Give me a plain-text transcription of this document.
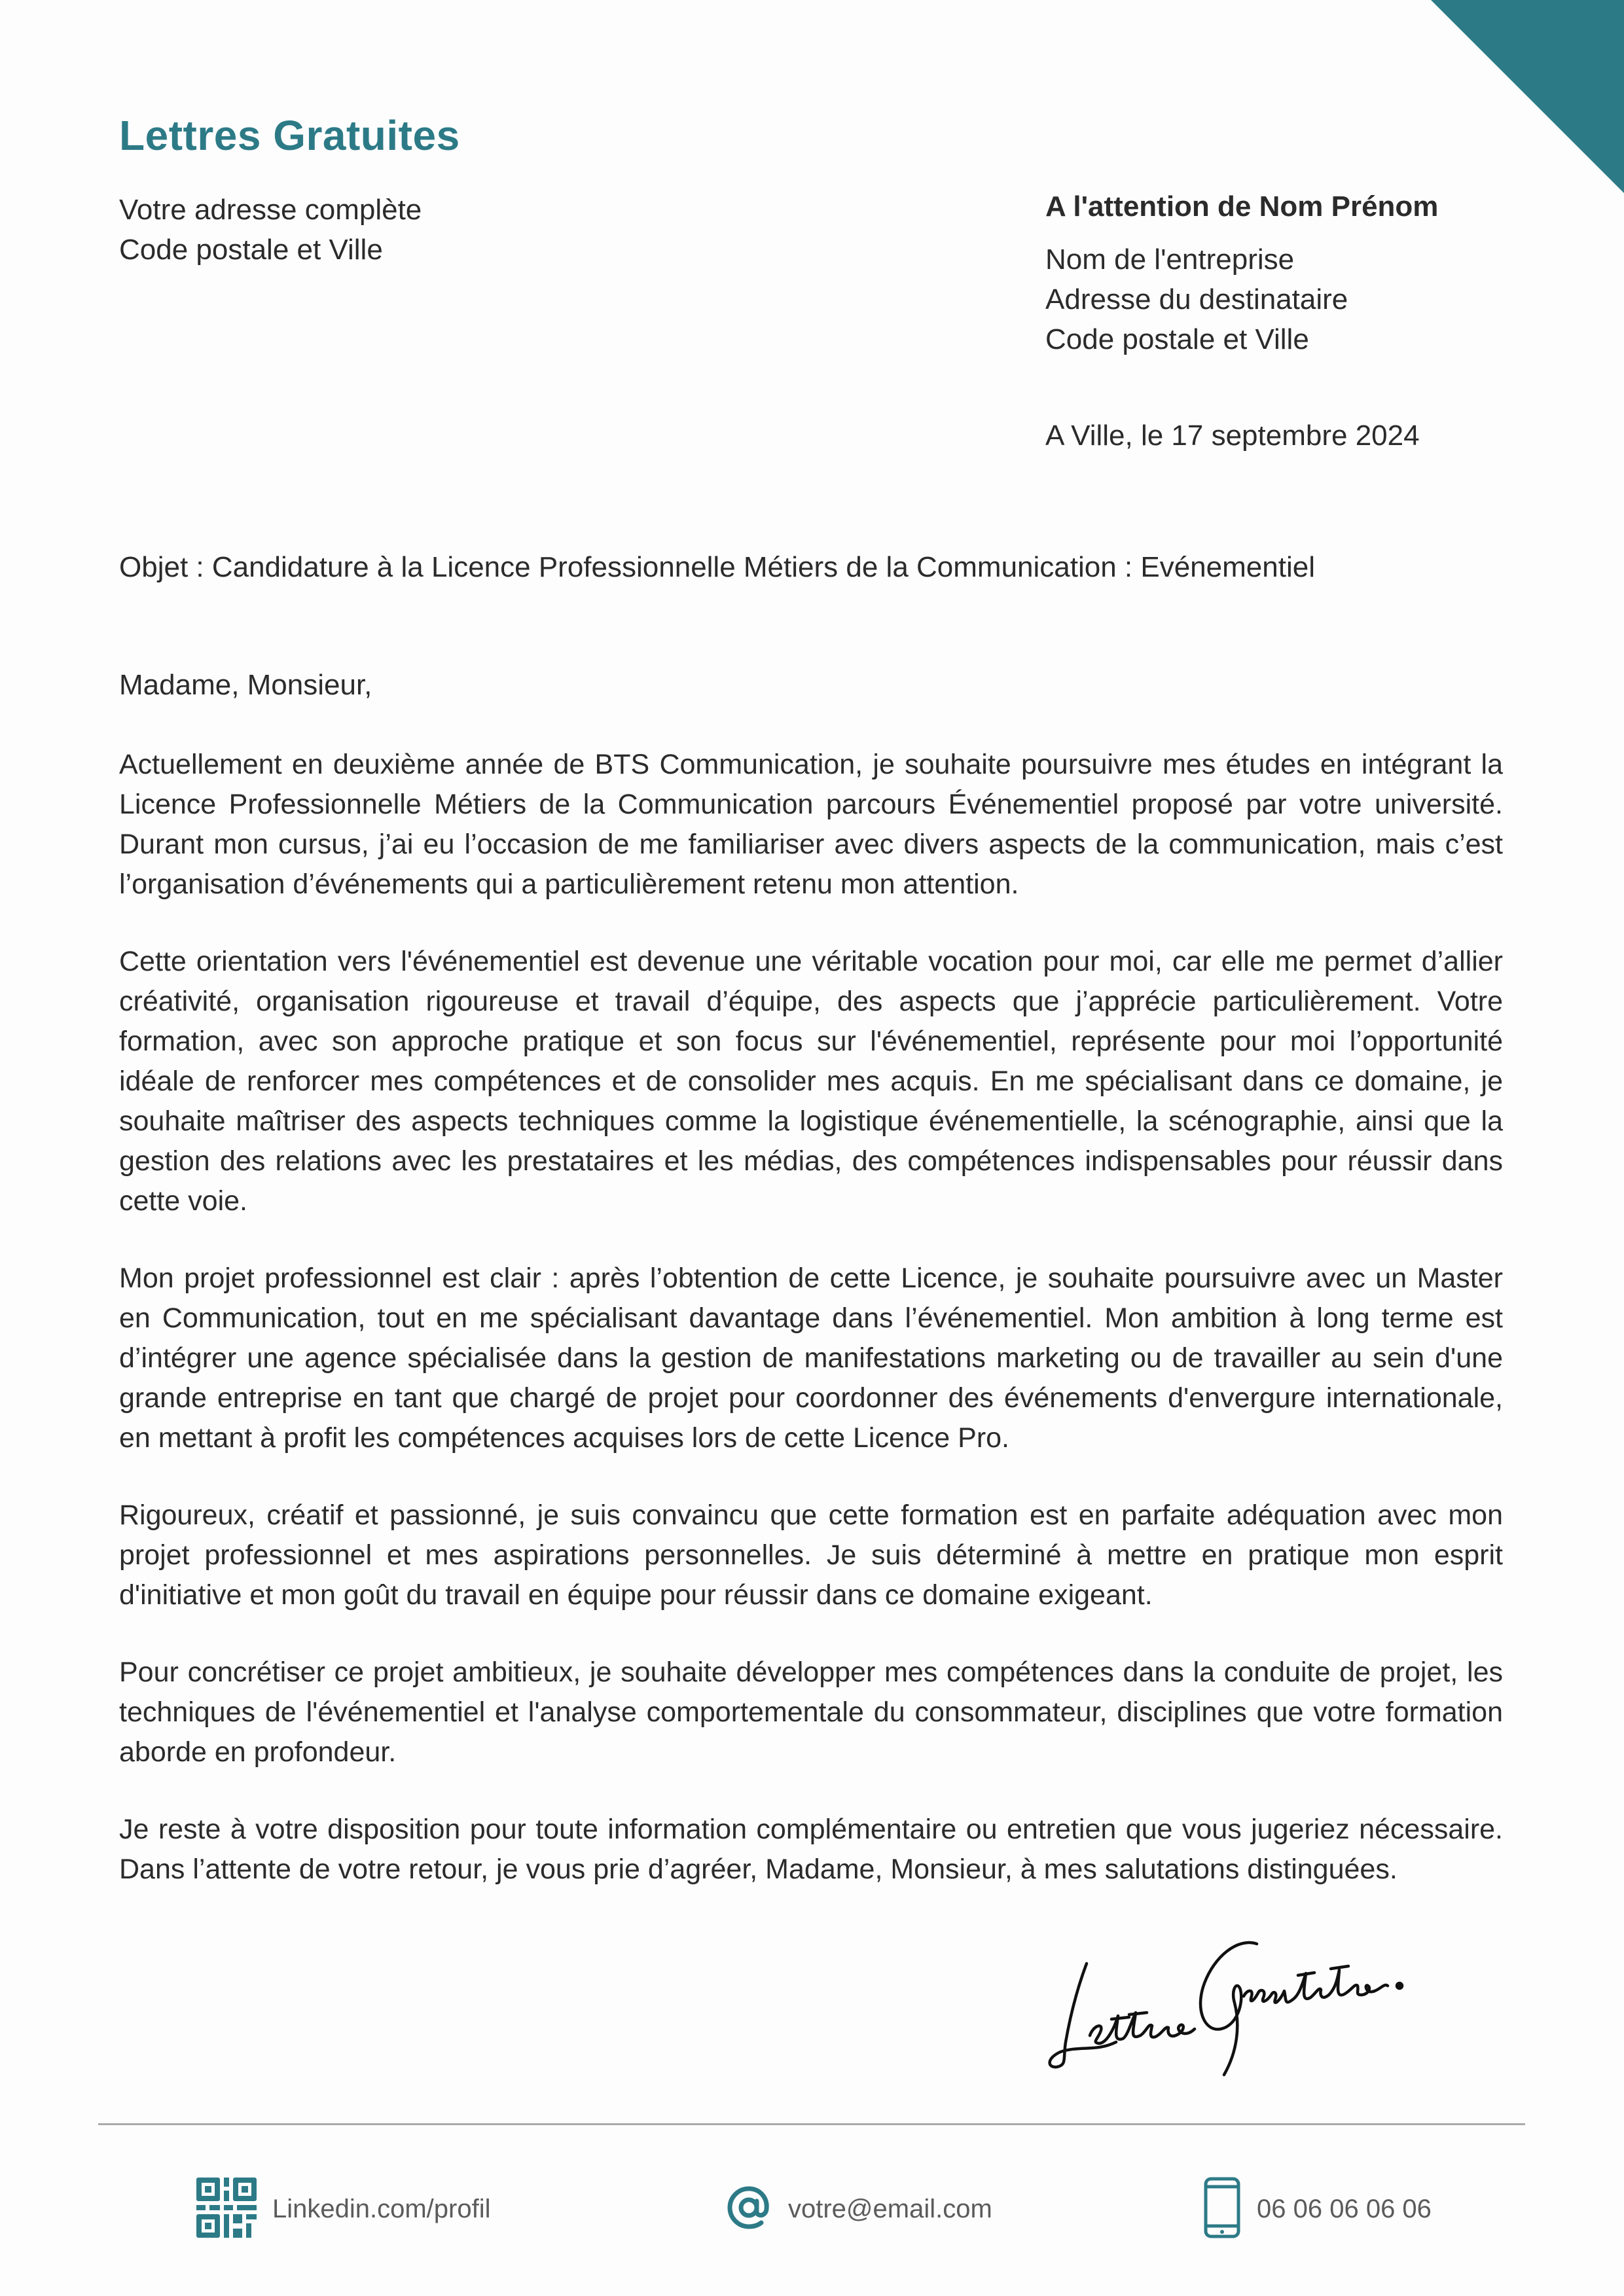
Lettres Gratuites
Votre adresse complète
Code postale et Ville
A l'attention de Nom Prénom
Nom de l'entreprise
Adresse du destinataire
Code postale et Ville
A Ville, le 17 septembre 2024
Objet : Candidature à la Licence Professionnelle Métiers de la Communication : Evénementiel
Madame, Monsieur,

Actuellement en deuxième année de BTS Communication, je souhaite poursuivre mes études en intégrant la Licence Professionnelle Métiers de la Communication parcours Événementiel proposé par votre université. Durant mon cursus, j’ai eu l’occasion de me familiariser avec divers aspects de la communication, mais c’est l’organisation d’événements qui a particulièrement retenu mon attention.

Cette orientation vers l'événementiel est devenue une véritable vocation pour moi, car elle me permet d’allier créativité, organisation rigoureuse et travail d’équipe, des aspects que j’apprécie particulièrement. Votre formation, avec son approche pratique et son focus sur l'événementiel, représente pour moi l’opportunité idéale de renforcer mes compétences et de consolider mes acquis. En me spécialisant dans ce domaine, je souhaite maîtriser des aspects techniques comme la logistique événementielle, la scénographie, ainsi que la gestion des relations avec les prestataires et les médias, des compétences indispensables pour réussir dans cette voie.

Mon projet professionnel est clair : après l’obtention de cette Licence, je souhaite poursuivre avec un Master en Communication, tout en me spécialisant davantage dans l’événementiel. Mon ambition à long terme est d’intégrer une agence spécialisée dans la gestion de manifestations marketing ou de travailler au sein d'une grande entreprise en tant que chargé de projet pour coordonner des événements d'envergure internationale, en mettant à profit les compétences acquises lors de cette Licence Pro.

Rigoureux, créatif et passionné, je suis convaincu que cette formation est en parfaite adéquation avec mon projet professionnel et mes aspirations personnelles. Je suis déterminé à mettre en pratique mon esprit d'initiative et mon goût du travail en équipe pour réussir dans ce domaine exigeant.

Pour concrétiser ce projet ambitieux, je souhaite développer mes compétences dans la conduite de projet, les techniques de l'événementiel et l'analyse comportementale du consommateur, disciplines que votre formation aborde en profondeur.

Je reste à votre disposition pour toute information complémentaire ou entretien que vous jugeriez nécessaire. Dans l’attente de votre retour, je vous prie d’agréer, Madame, Monsieur, à mes salutations distinguées.

Linkedin.com/profil	votre@email.com	06 06 06 06 06
